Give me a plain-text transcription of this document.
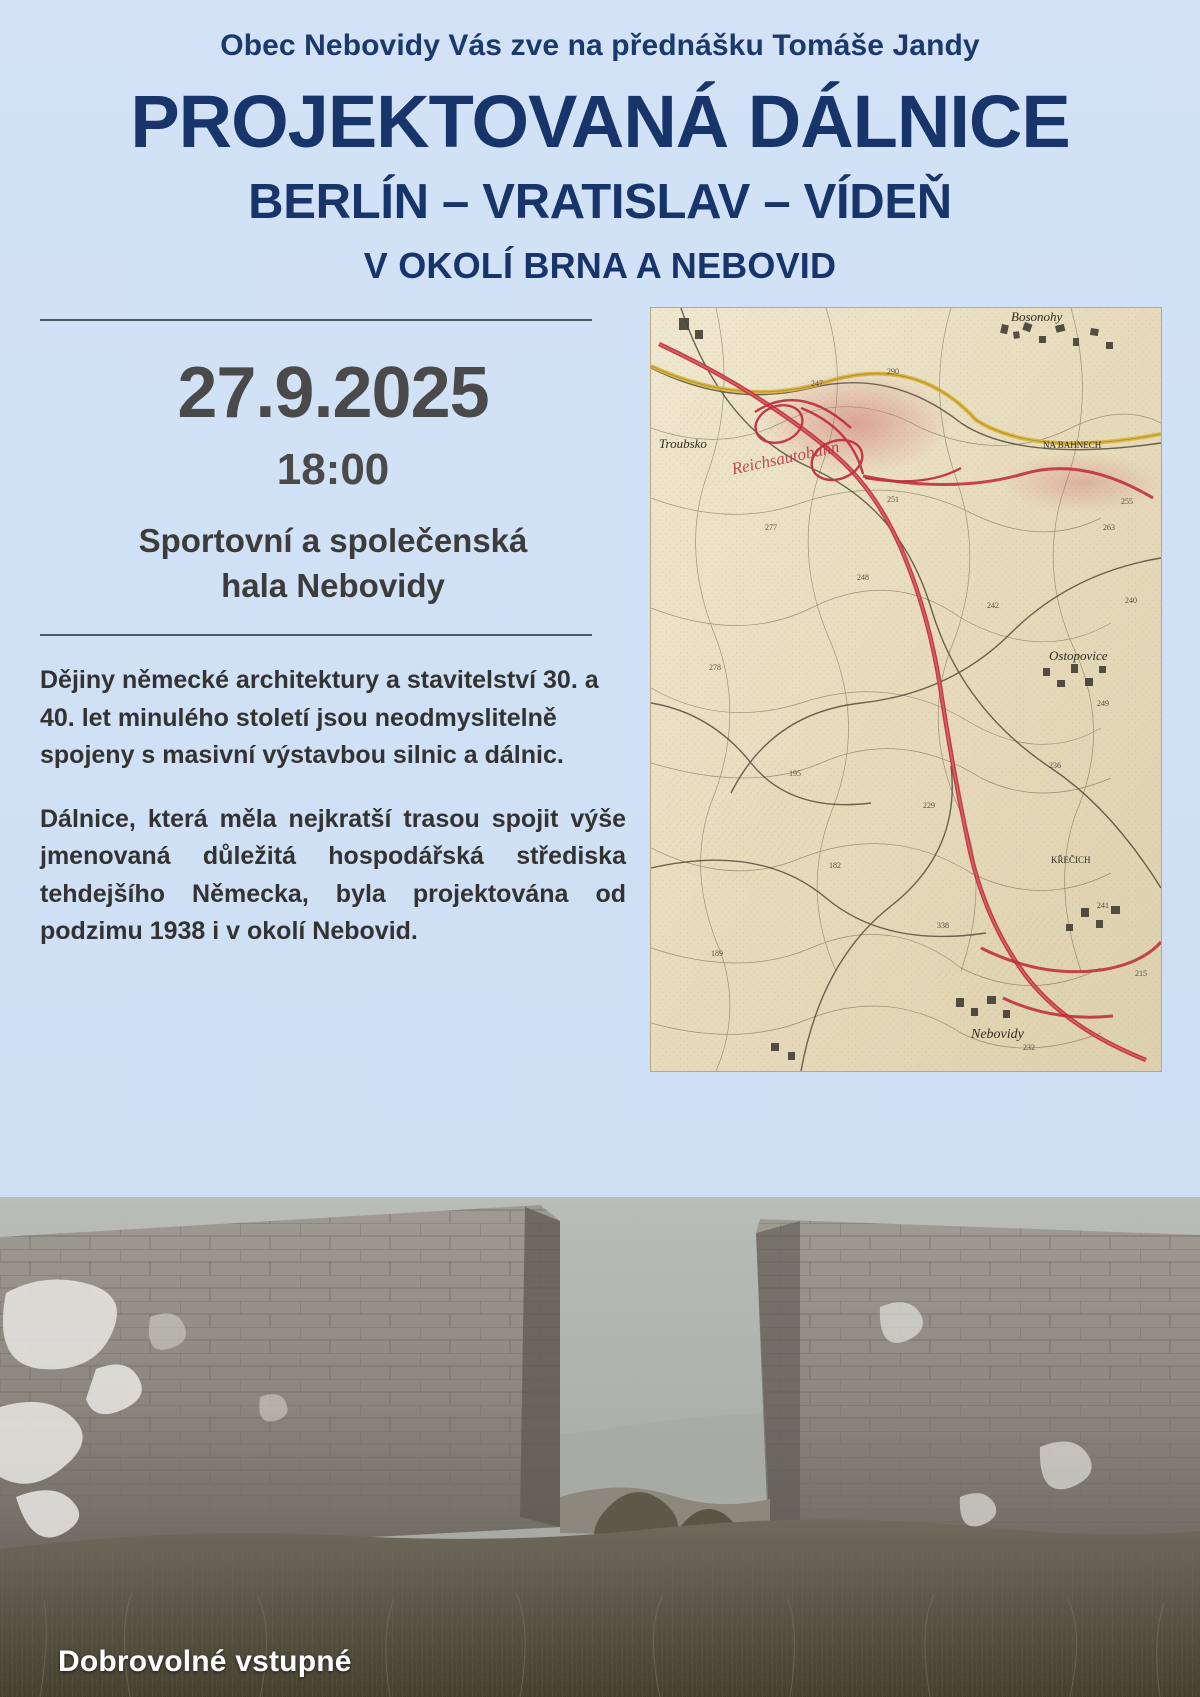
Obec Nebovidy Vás zve na přednášku Tomáše Jandy
PROJEKTOVANÁ DÁLNICE
BERLÍN – VRATISLAV – VÍDEŇ
V OKOLÍ BRNA A NEBOVID
27.9.2025
18:00
Sportovní a společenská
hala Nebovidy
Dějiny německé architektury a stavitelství 30. a 40. let minulého století jsou neodmyslitelně spojeny s masivní výstavbou silnic a dálnic.
Dálnice, která měla nejkratší trasou spojit výše jmenovaná důležitá hospodářská střediska tehdejšího Německa, byla projektována od podzimu 1938 i v okolí Nebovid.
Bosonohy
Troubsko
Ostopovice
NA BAHNECH
KŘEČICH
Nebovidy
Reichsautobahn
290
247
251
277
255
263
240
242
248
278
249
236
195
229
182
241
338
189
215
232
Dobrovolné vstupné
